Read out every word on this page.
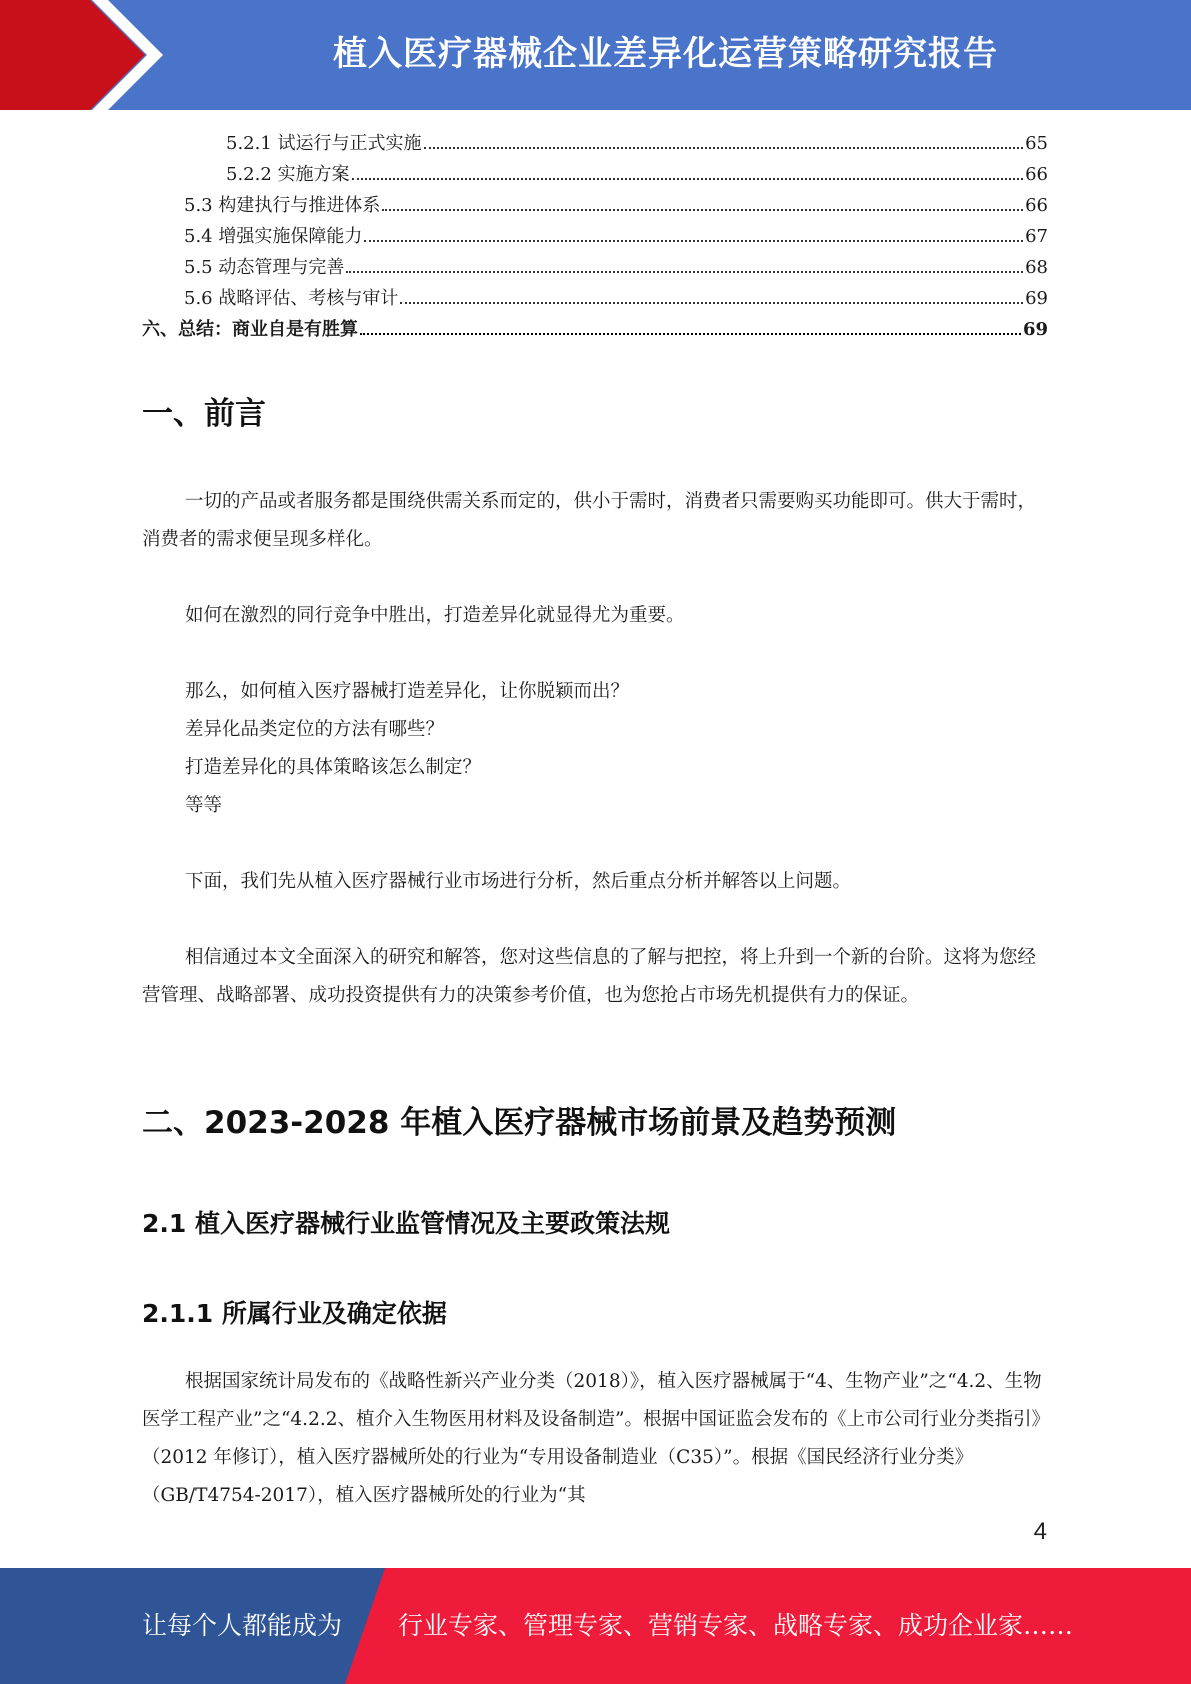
植入医疗器械企业差异化运营策略研究报告
5.2.1 试运行与正式实施	65
5.2.2 实施方案	66
5.3 构建执行与推进体系	66
5.4 增强实施保障能力	67
5.5 动态管理与完善	68
5.6 战略评估、考核与审计	69
六、总结：商业自是有胜算	69
一、前言
一切的产品或者服务都是围绕供需关系而定的，供小于需时，消费者只需要购买功能即可。供大于需时，消费者的需求便呈现多样化。
如何在激烈的同行竞争中胜出，打造差异化就显得尤为重要。
那么，如何植入医疗器械打造差异化，让你脱颖而出？
差异化品类定位的方法有哪些？
打造差异化的具体策略该怎么制定？
等等
下面，我们先从植入医疗器械行业市场进行分析，然后重点分析并解答以上问题。
相信通过本文全面深入的研究和解答，您对这些信息的了解与把控，将上升到一个新的台阶。这将为您经营管理、战略部署、成功投资提供有力的决策参考价值，也为您抢占市场先机提供有力的保证。
二、2023-2028 年植入医疗器械市场前景及趋势预测
2.1 植入医疗器械行业监管情况及主要政策法规
2.1.1 所属行业及确定依据
根据国家统计局发布的《战略性新兴产业分类（2018）》，植入医疗器械属于“4、生物产业”之“4.2、生物医学工程产业”之“4.2.2、植介入生物医用材料及设备制造”。根据中国证监会发布的《上市公司行业分类指引》（2012 年修订），植入医疗器械所处的行业为“专用设备制造业（C35）”。根据《国民经济行业分类》（GB/T4754-2017），植入医疗器械所处的行业为“其
4
让每个人都能成为 行业专家、管理专家、营销专家、战略专家、成功企业家……
